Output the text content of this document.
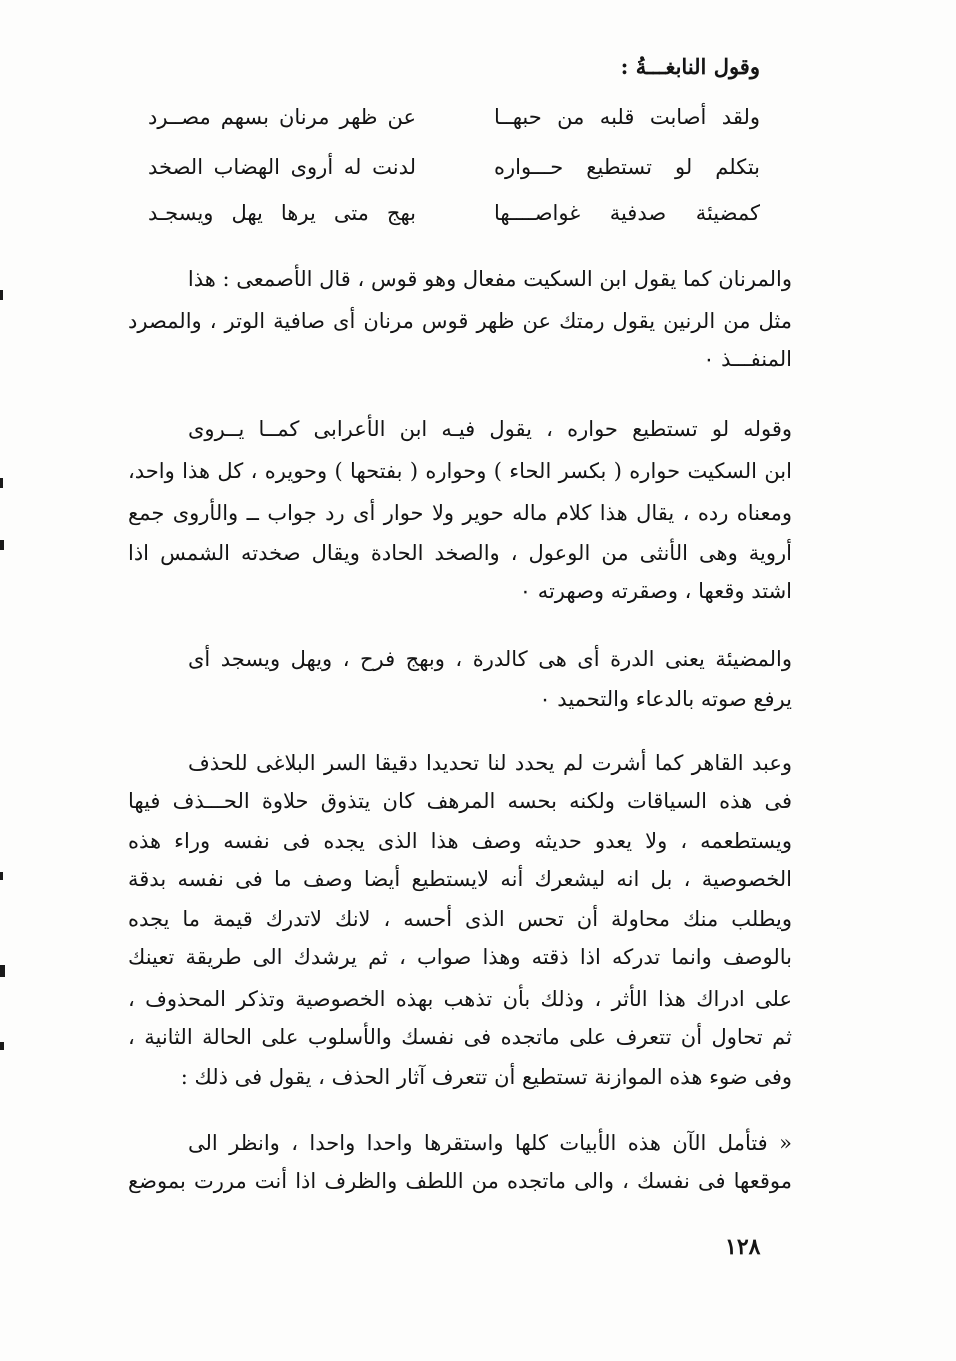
وقول النابغـــةُ :
ولقد أصابت قلبه من حبهــا
عن ظهر مرنان بسهم مصــرد
بتكلم لو تستطيع حـــواره
لدنت له أروى الهضاب الصخد
كمضيئة صدفية غواصــــها
بهج متى يرها يهل ويسجـد
والمرنان كما يقول ابن السكيت مفعال وهو قوس ، قال الأصمعى : هذا
مثل من الرنين يقول رمتك عن ظهر قوس مرنان أى صافية الوتر ، والمصرد
المنفـــذ ٠
وقوله لو تستطيع حواره ، يقول فيـه ابن الأعرابى كمــا يــروى
ابن السكيت حواره ( بكسر الحاء ) وحواره ( بفتحها ) وحويره ، كل هذا واحد،
ومعناه رده ، يقال هذا كلام ماله حوير ولا حوار أى رد جواب ــ والأروى جمع
أروية وهى الأنثى من الوعول ، والصخد الحادة ويقال صخدته الشمس اذا
اشتد وقعها ، وصقرته وصهرته ٠
والمضيئة يعنى الدرة أى هى كالدرة ، وبهج فرح ، ويهل ويسجد أى
يرفع صوته بالدعاء والتحميد ٠
وعبد القاهر كما أشرت لم يحدد لنا تحديدا دقيقا السر البلاغى للحذف
فى هذه السياقات ولكنه بحسه المرهف كان يتذوق حلاوة الحـــذف فيها
ويستطعمه ، ولا يعدو حديثه وصف هذا الذى يجده فى نفسه وراء هذه
الخصوصية ، بل انه ليشعرك أنه لايستطيع أيضا وصف ما فى نفسه بدقة
ويطلب منك محاولة أن تحس الذى أحسه ، لانك لاتدرك قيمة ما يجده
بالوصف وانما تدركه اذا ذقته وهذا صواب ، ثم يرشدك الى طريقة تعينك
على ادراك هذا الأثر ، وذلك بأن تذهب بهذه الخصوصية وتذكر المحذوف ،
ثم تحاول أن تتعرف على ماتجده فى نفسك والأسلوب على الحالة الثانية ،
وفى ضوء هذه الموازنة تستطيع أن تتعرف آثار الحذف ، يقول فى ذلك :
« فتأمل الآن هذه الأبيات كلها واستقرها واحدا واحدا ، وانظر الى
موقعها فى نفسك ، والى ماتجده من اللطف والظرف اذا أنت مررت بموضع
١٢٨
